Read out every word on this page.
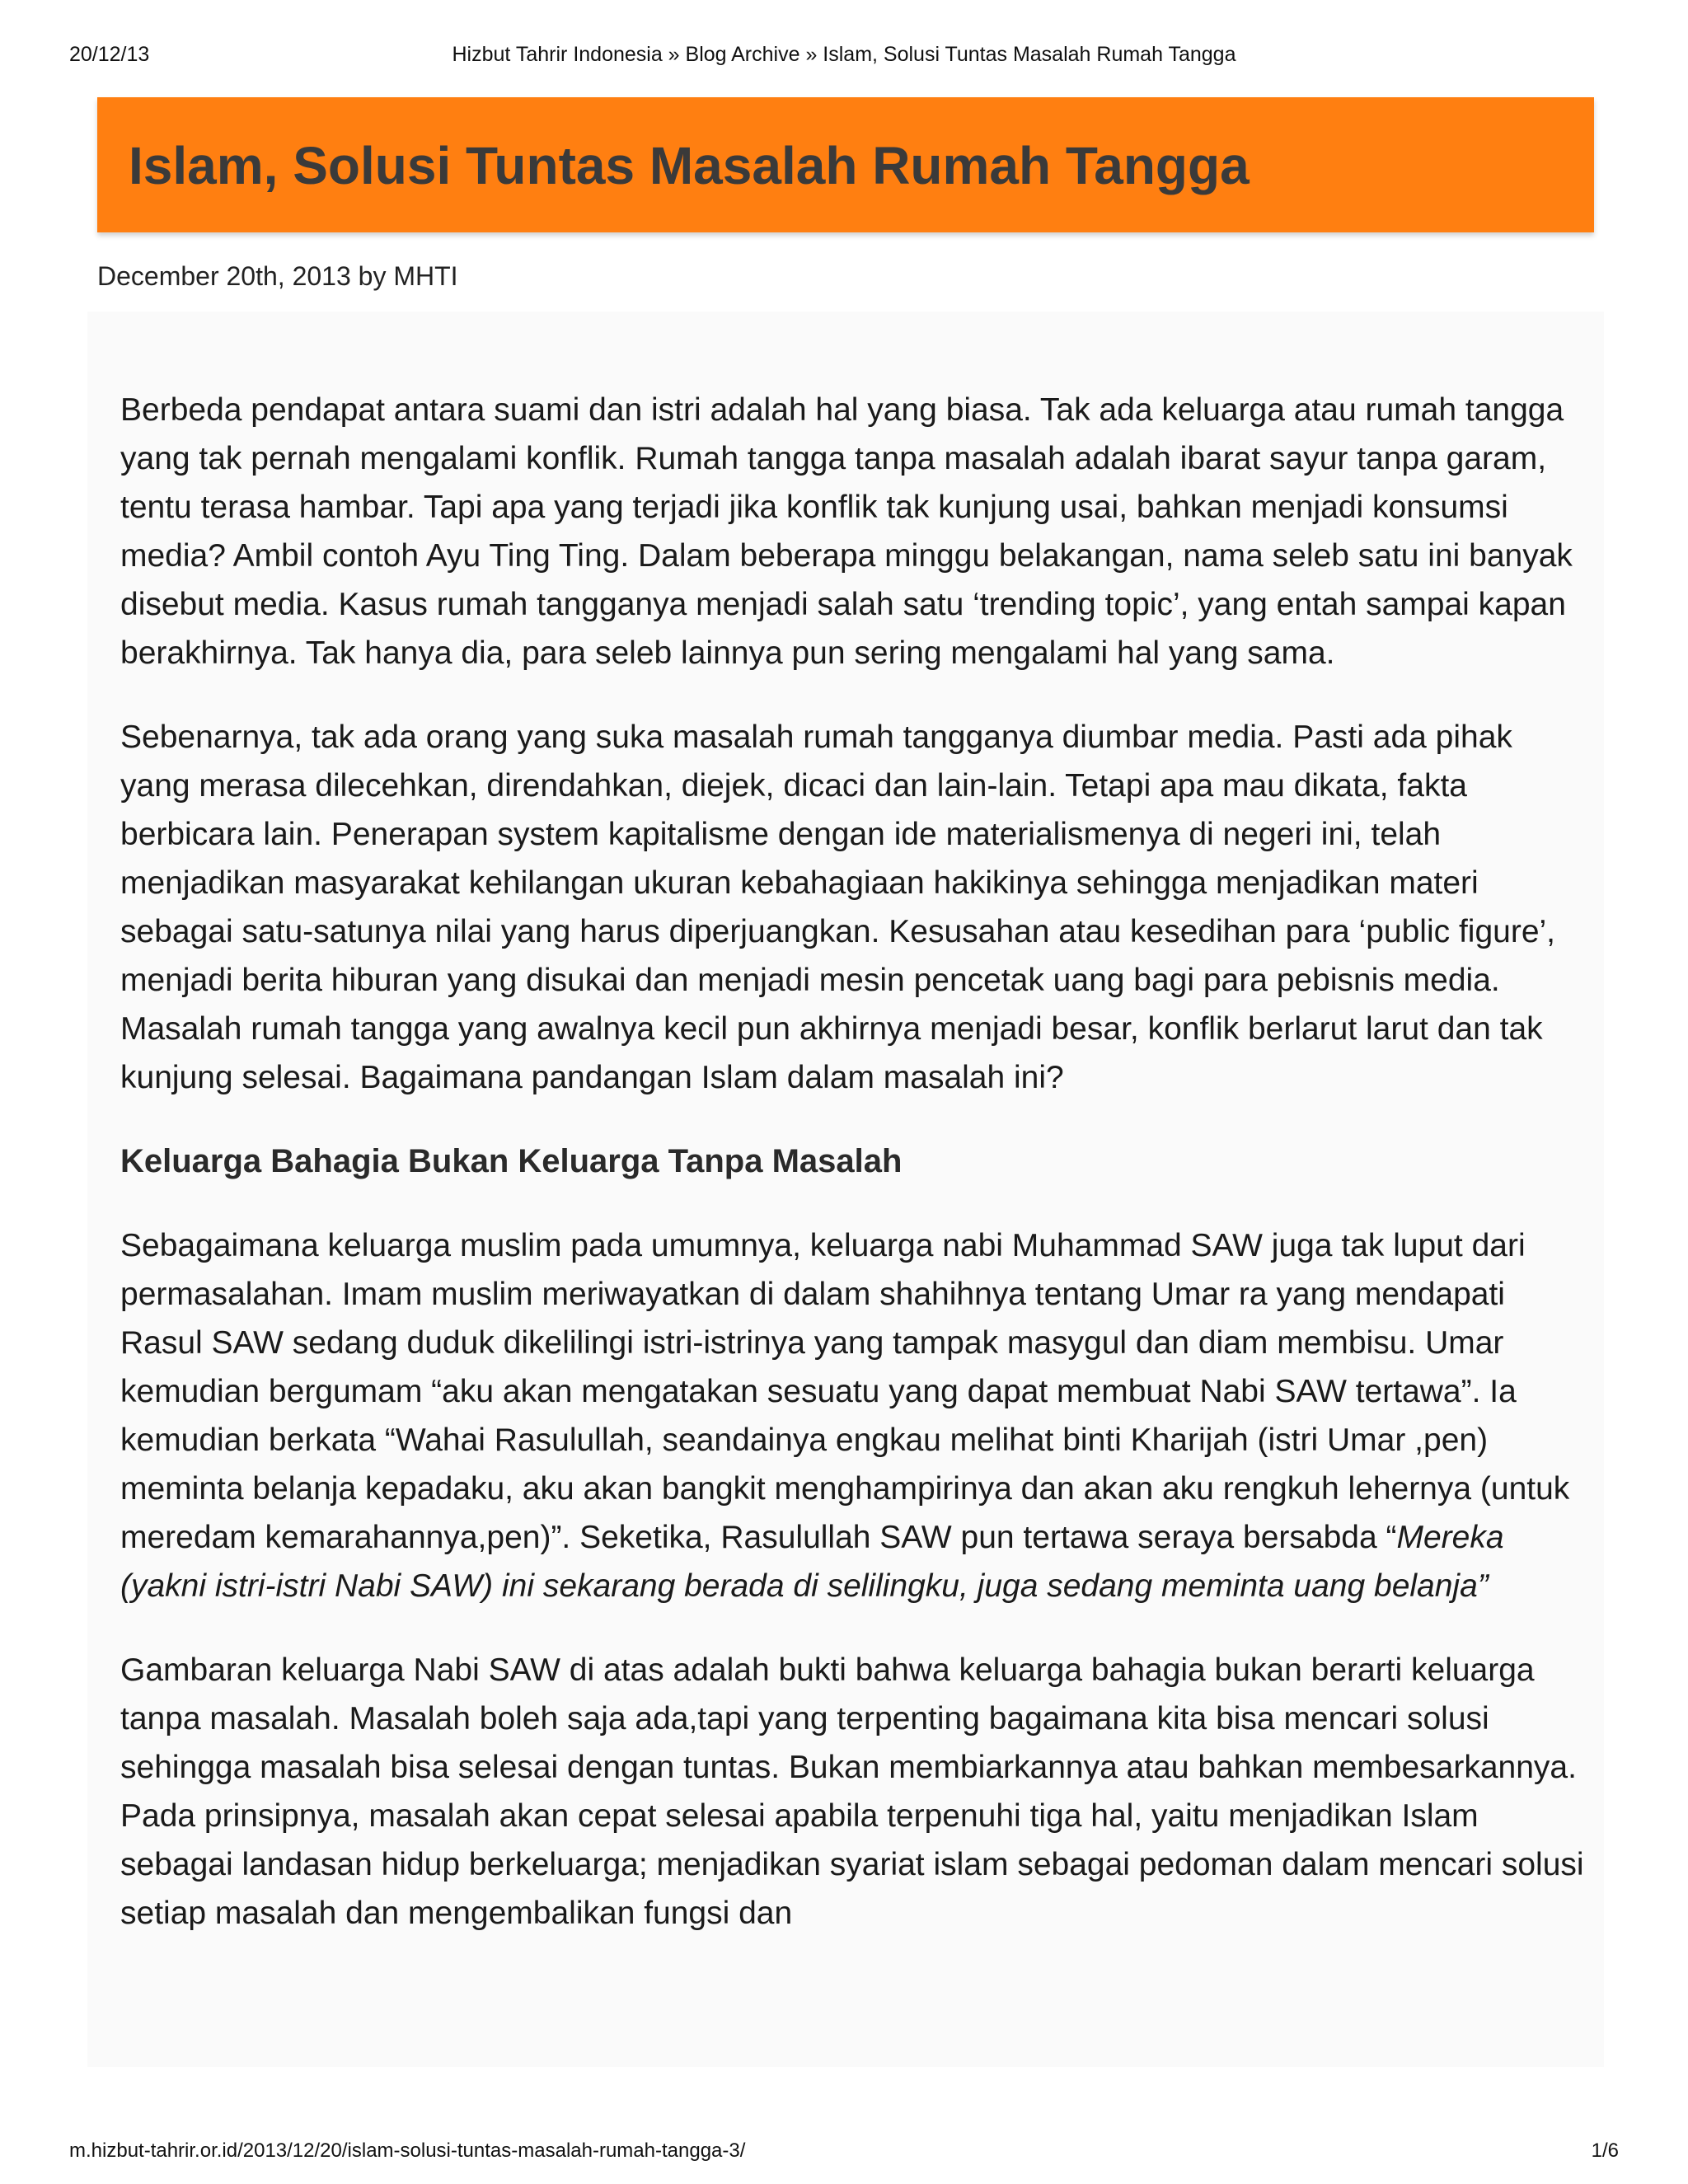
20/12/13	Hizbut Tahrir Indonesia » Blog Archive » Islam, Solusi Tuntas Masalah Rumah Tangga
Islam, Solusi Tuntas Masalah Rumah Tangga
December 20th, 2013 by MHTI

Berbeda pendapat antara suami dan istri adalah hal yang biasa. Tak ada keluarga atau rumah tangga yang tak pernah mengalami konflik. Rumah tangga tanpa masalah adalah ibarat sayur tanpa garam, tentu terasa hambar. Tapi apa yang terjadi jika konflik tak kunjung usai, bahkan menjadi konsumsi media? Ambil contoh Ayu Ting Ting. Dalam beberapa minggu belakangan, nama seleb satu ini banyak disebut media. Kasus rumah tangganya menjadi salah satu ‘trending topic’, yang entah sampai kapan berakhirnya. Tak hanya dia, para seleb lainnya pun sering mengalami hal yang sama.

Sebenarnya, tak ada orang yang suka masalah rumah tangganya diumbar media. Pasti ada pihak yang merasa dilecehkan, direndahkan, diejek, dicaci dan lain-lain. Tetapi apa mau dikata, fakta berbicara lain. Penerapan system kapitalisme dengan ide materialismenya di negeri ini, telah menjadikan masyarakat kehilangan ukuran kebahagiaan hakikinya sehingga menjadikan materi sebagai satu-satunya nilai yang harus diperjuangkan. Kesusahan atau kesedihan para ‘public figure’, menjadi berita hiburan yang disukai dan menjadi mesin pencetak uang bagi para pebisnis media. Masalah rumah tangga yang awalnya kecil pun akhirnya menjadi besar, konflik berlarut larut dan tak kunjung selesai. Bagaimana pandangan Islam dalam masalah ini?

Keluarga Bahagia Bukan Keluarga Tanpa Masalah

Sebagaimana keluarga muslim pada umumnya, keluarga nabi Muhammad SAW juga tak luput dari permasalahan. Imam muslim meriwayatkan di dalam shahihnya tentang Umar ra yang mendapati Rasul SAW sedang duduk dikelilingi istri-istrinya yang tampak masygul dan diam membisu. Umar kemudian bergumam “aku akan mengatakan sesuatu yang dapat membuat Nabi SAW tertawa”. Ia kemudian berkata “Wahai Rasulullah, seandainya engkau melihat binti Kharijah (istri Umar ,pen) meminta belanja kepadaku, aku akan bangkit menghampirinya dan akan aku rengkuh lehernya (untuk meredam kemarahannya,pen)”. Seketika, Rasulullah SAW pun tertawa seraya bersabda “Mereka (yakni istri-istri Nabi SAW) ini sekarang berada di selilingku, juga sedang meminta uang belanja”

Gambaran keluarga Nabi SAW di atas adalah bukti bahwa keluarga bahagia bukan berarti keluarga tanpa masalah. Masalah boleh saja ada,tapi yang terpenting bagaimana kita bisa mencari solusi sehingga masalah bisa selesai dengan tuntas. Bukan membiarkannya atau bahkan membesarkannya. Pada prinsipnya, masalah akan cepat selesai apabila terpenuhi tiga hal, yaitu menjadikan Islam sebagai landasan hidup berkeluarga; menjadikan syariat islam sebagai pedoman dalam mencari solusi setiap masalah dan mengembalikan fungsi dan

m.hizbut-tahrir.or.id/2013/12/20/islam-solusi-tuntas-masalah-rumah-tangga-3/	1/6
